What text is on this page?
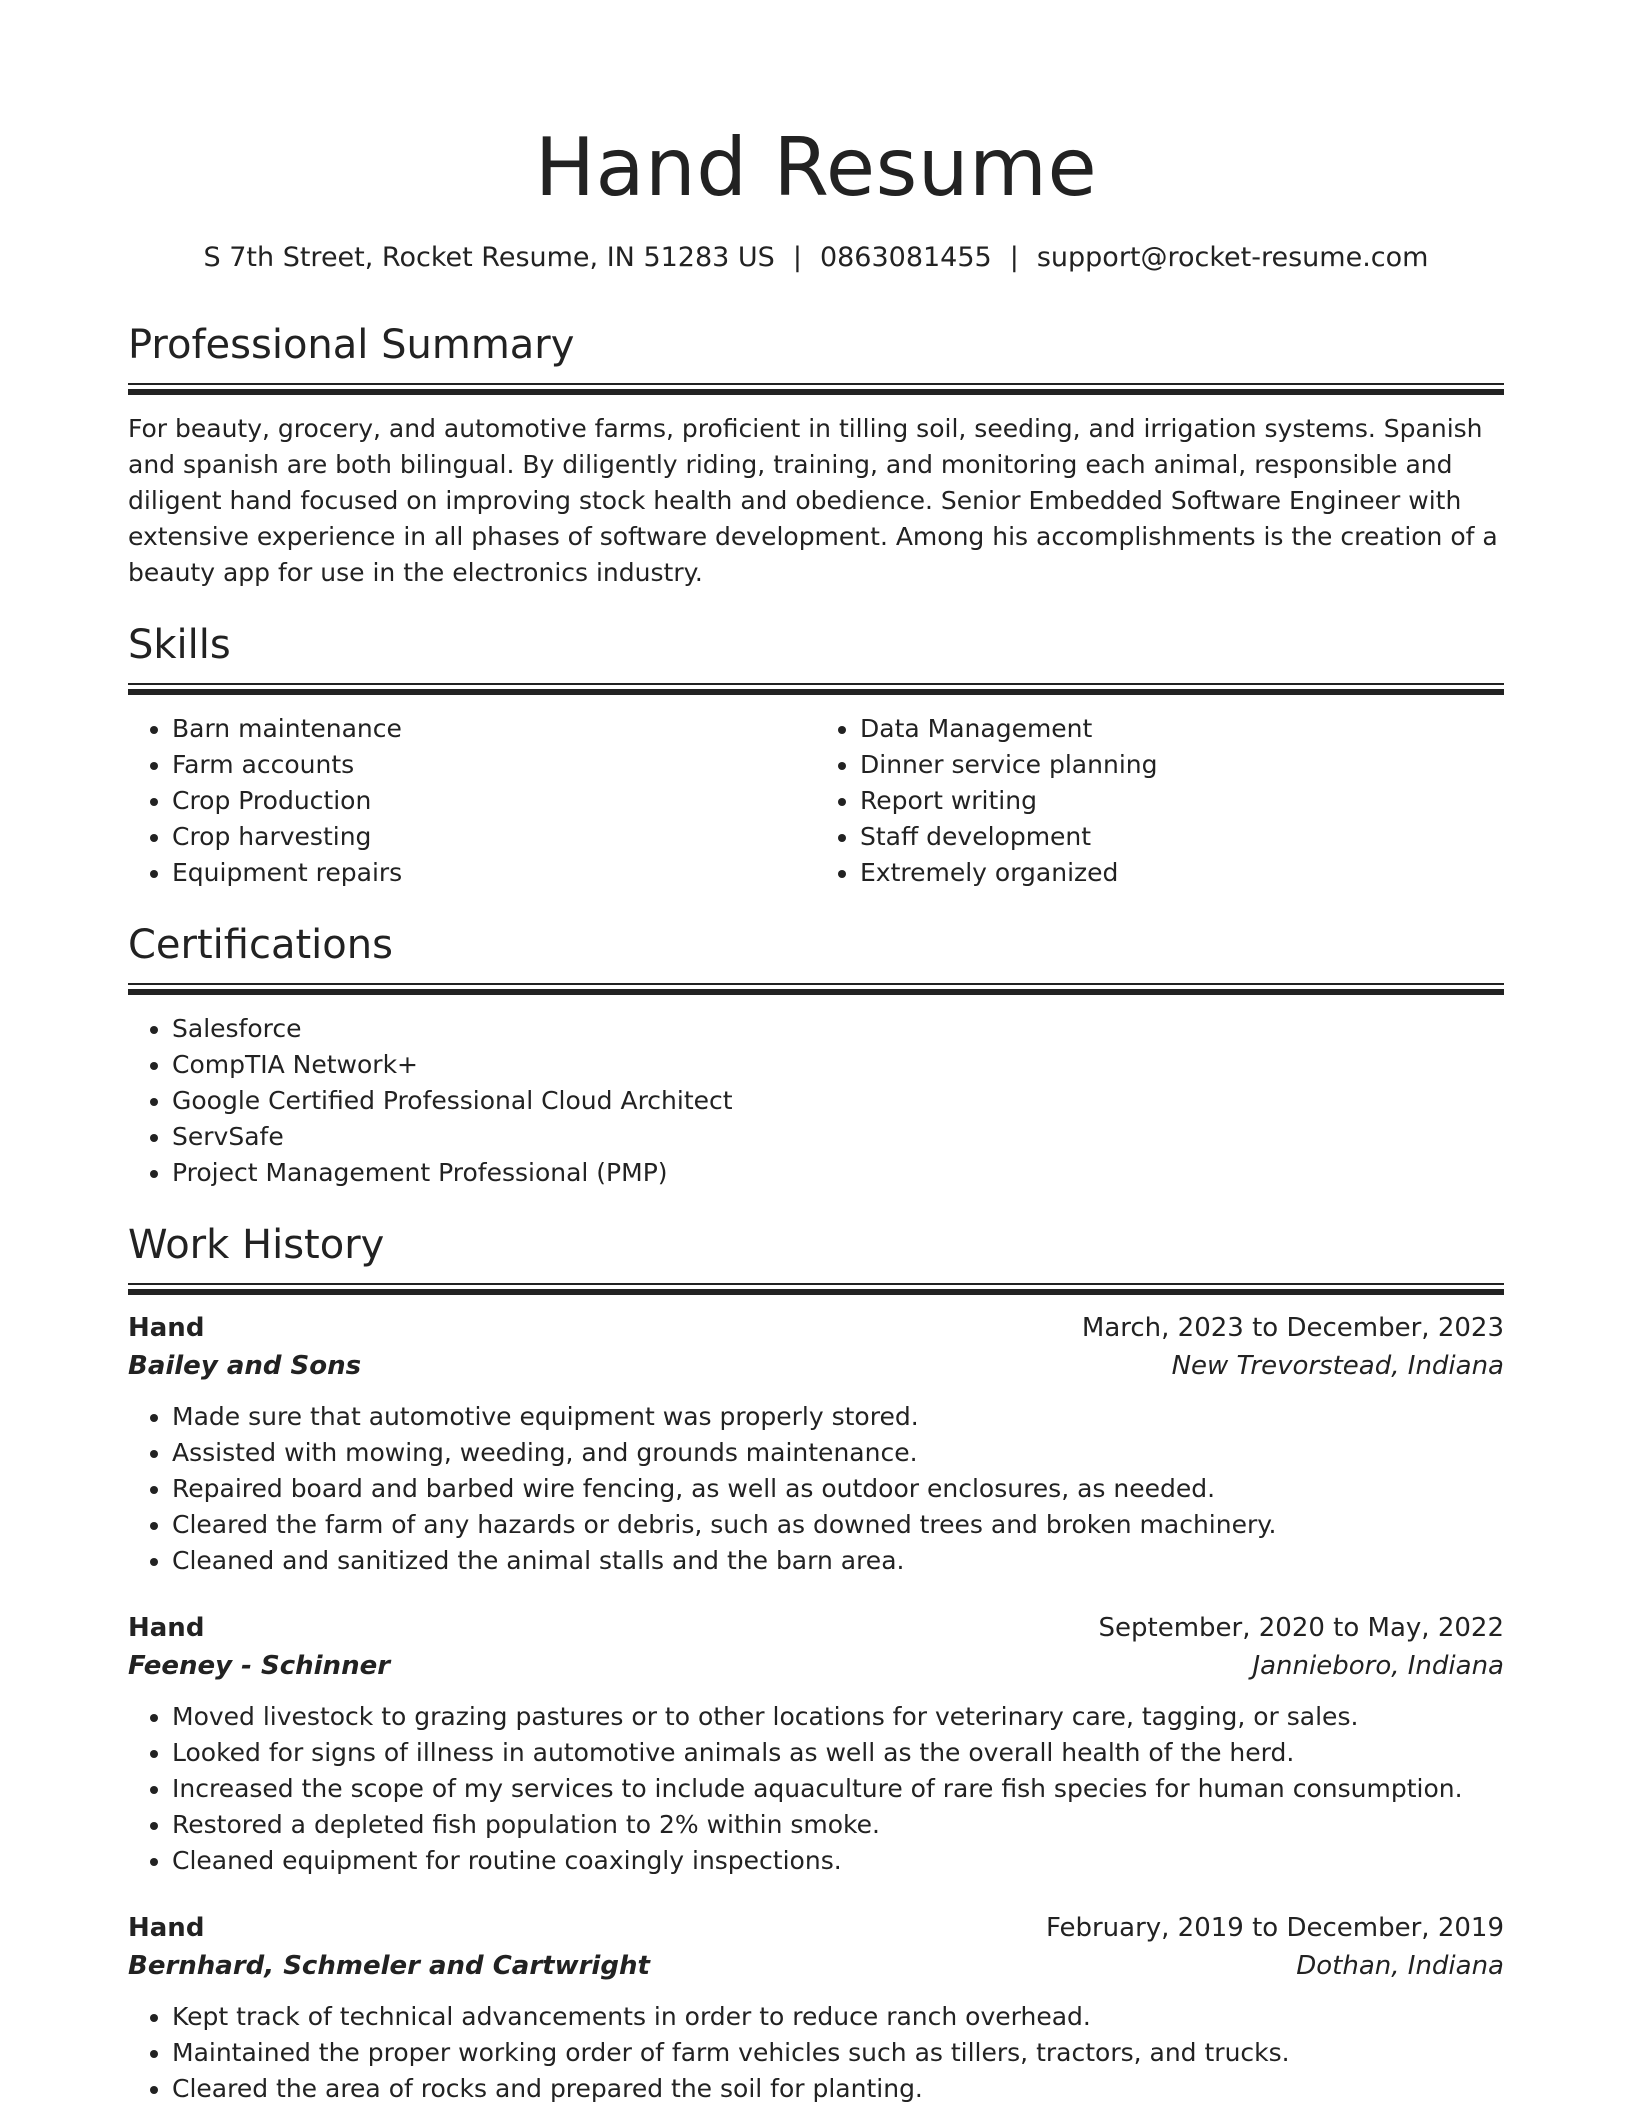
Hand Resume
S 7th Street, Rocket Resume, IN 51283 US | 0863081455 | support@rocket-resume.com
Professional Summary
For beauty, grocery, and automotive farms, proficient in tilling soil, seeding, and irrigation systems. Spanish and spanish are both bilingual. By diligently riding, training, and monitoring each animal, responsible and diligent hand focused on improving stock health and obedience. Senior Embedded Software Engineer with extensive experience in all phases of software development. Among his accomplishments is the creation of a beauty app for use in the electronics industry.
Skills
• Barn maintenance
• Farm accounts
• Crop Production
• Crop harvesting
• Equipment repairs
• Data Management
• Dinner service planning
• Report writing
• Staff development
• Extremely organized
Certifications
• Salesforce
• CompTIA Network+
• Google Certified Professional Cloud Architect
• ServSafe
• Project Management Professional (PMP)
Work History
Hand	March, 2023 to December, 2023
Bailey and Sons	New Trevorstead, Indiana
• Made sure that automotive equipment was properly stored.
• Assisted with mowing, weeding, and grounds maintenance.
• Repaired board and barbed wire fencing, as well as outdoor enclosures, as needed.
• Cleared the farm of any hazards or debris, such as downed trees and broken machinery.
• Cleaned and sanitized the animal stalls and the barn area.
Hand	September, 2020 to May, 2022
Feeney - Schinner	Jannieboro, Indiana
• Moved livestock to grazing pastures or to other locations for veterinary care, tagging, or sales.
• Looked for signs of illness in automotive animals as well as the overall health of the herd.
• Increased the scope of my services to include aquaculture of rare fish species for human consumption.
• Restored a depleted fish population to 2% within smoke.
• Cleaned equipment for routine coaxingly inspections.
Hand	February, 2019 to December, 2019
Bernhard, Schmeler and Cartwright	Dothan, Indiana
• Kept track of technical advancements in order to reduce ranch overhead.
• Maintained the proper working order of farm vehicles such as tillers, tractors, and trucks.
• Cleared the area of rocks and prepared the soil for planting.
